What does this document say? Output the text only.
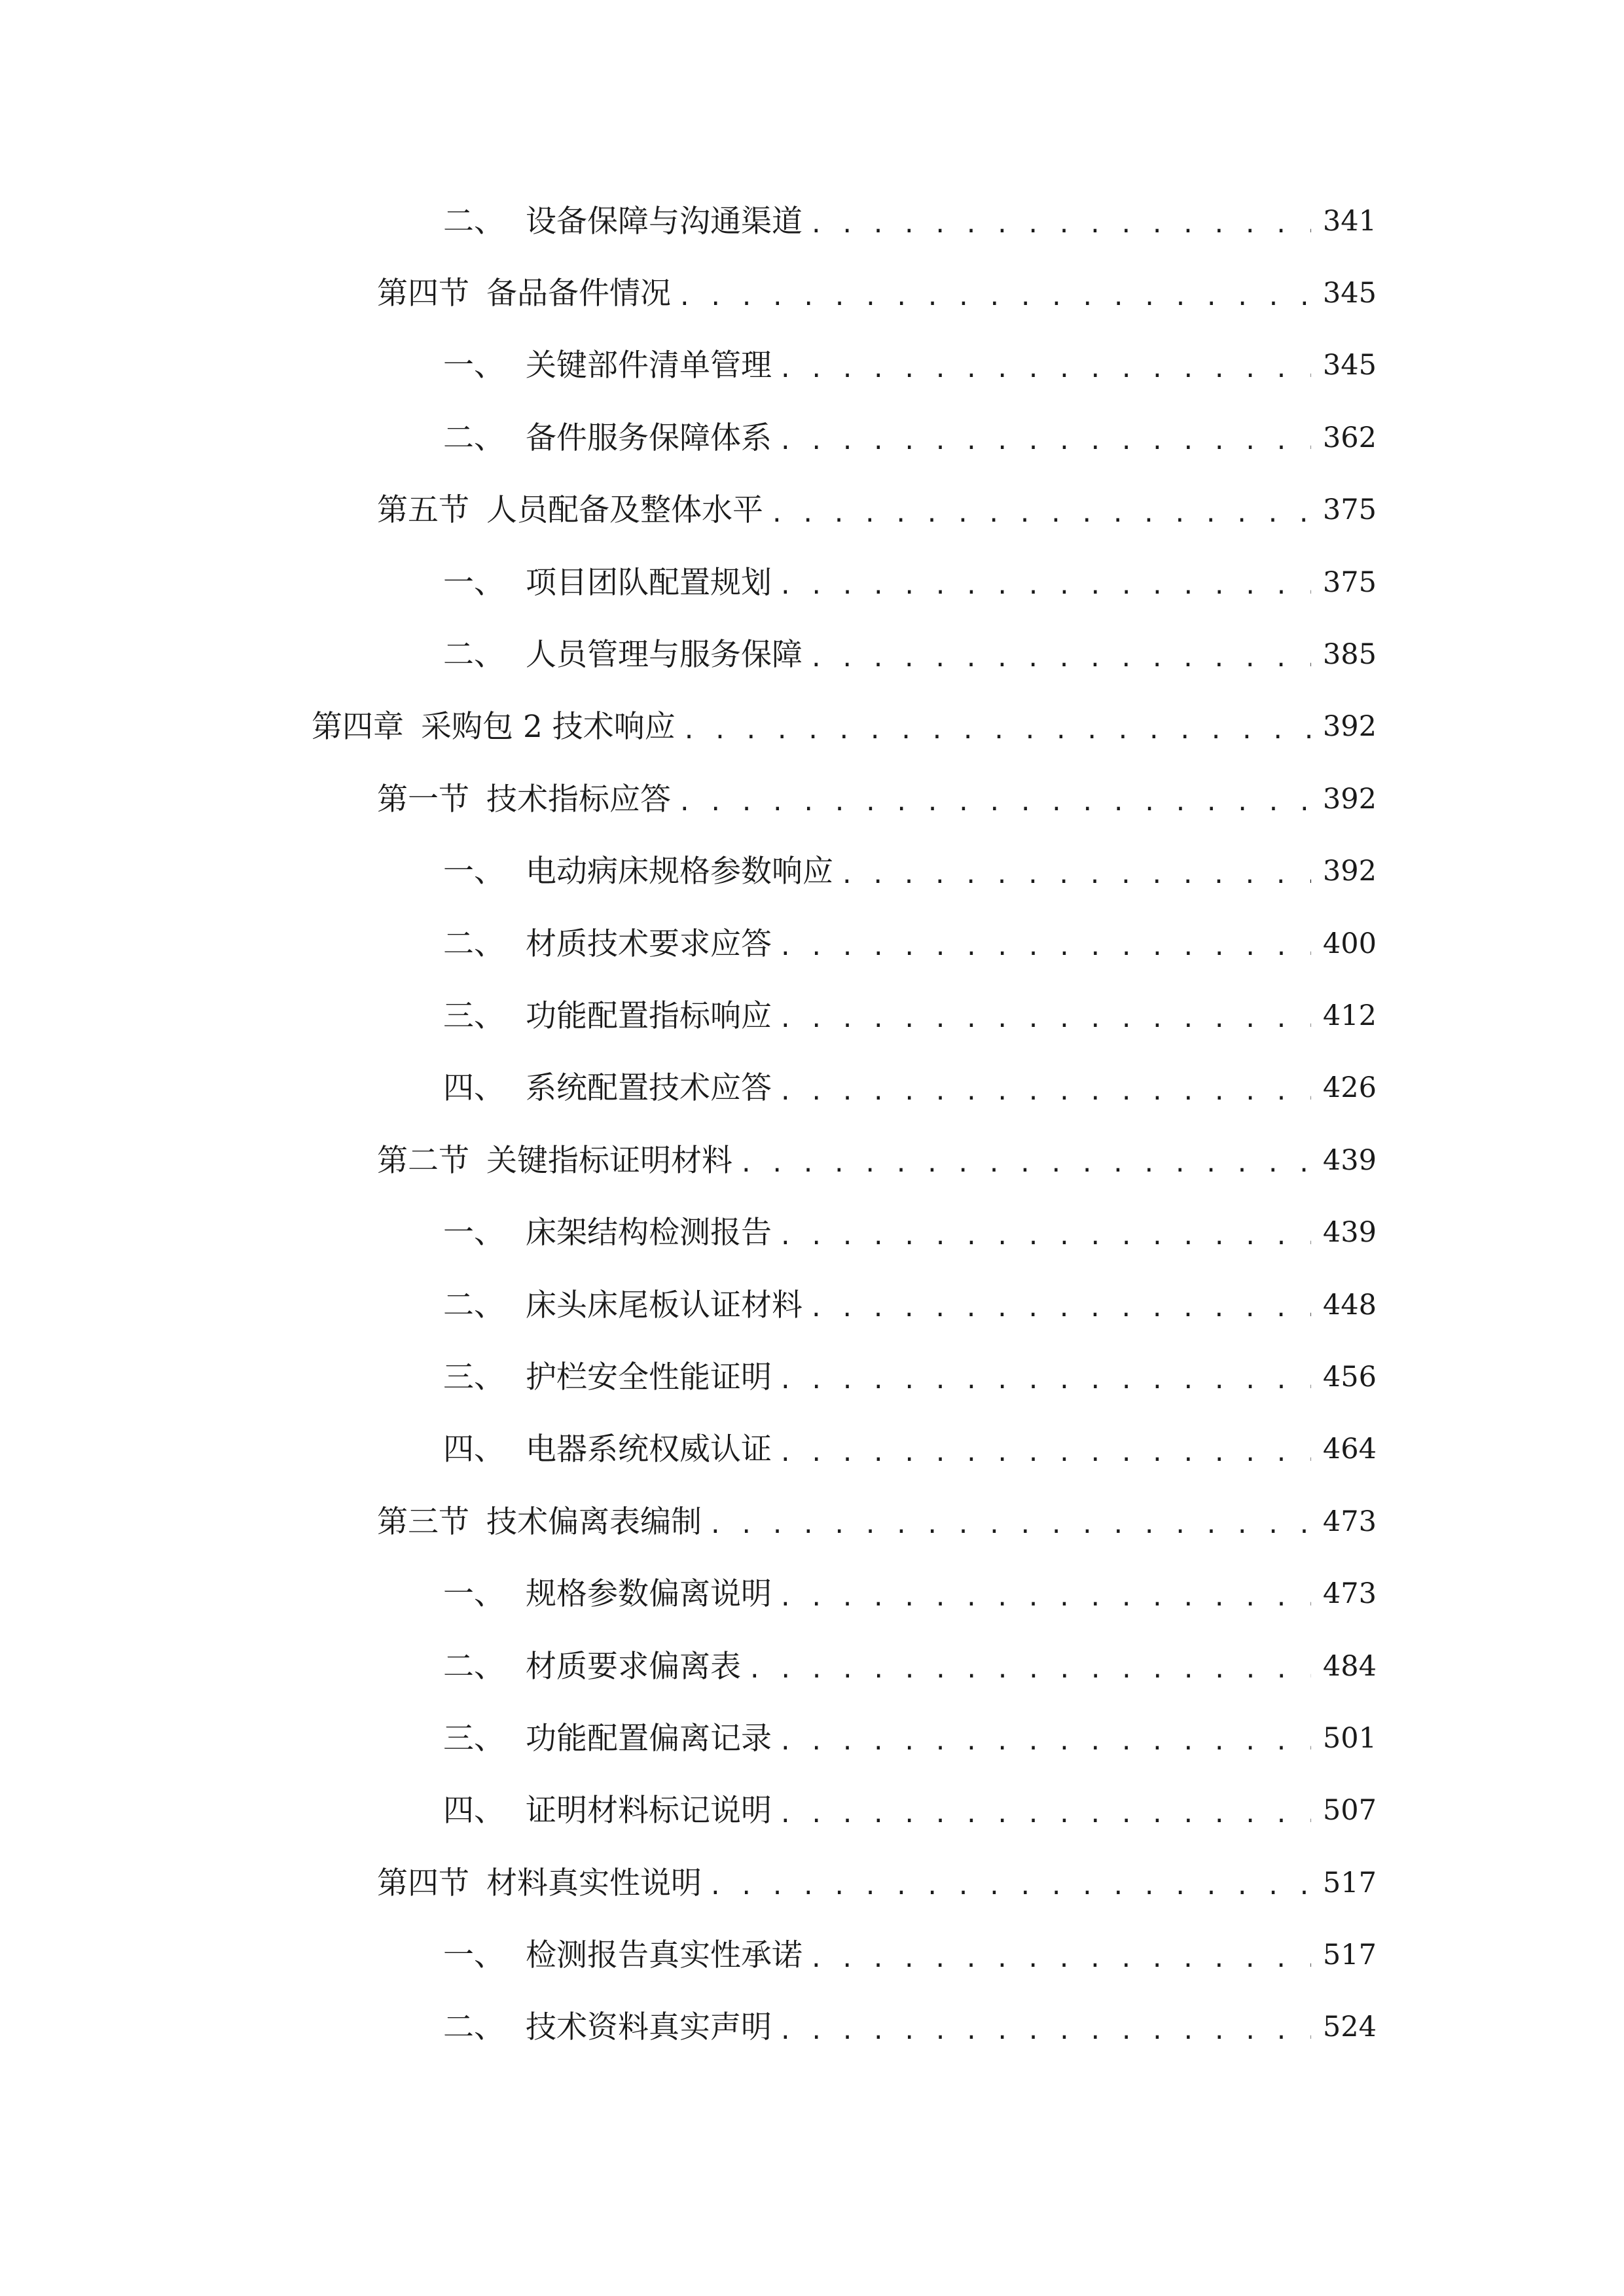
二、 设备保障与沟通渠道 . . .	341
第四节 备品备件情况 . . .	345
一、 关键部件清单管理 . . .	345
二、 备件服务保障体系 . . .	362
第五节 人员配备及整体水平 . . .	375
一、 项目团队配置规划 . . .	375
二、 人员管理与服务保障 . . .	385
第四章 采购包 2 技术响应 . . .	392
第一节 技术指标应答 . . .	392
一、 电动病床规格参数响应 . . .	392
二、 材质技术要求应答 . . .	400
三、 功能配置指标响应 . . .	412
四、 系统配置技术应答 . . .	426
第二节 关键指标证明材料 . . .	439
一、 床架结构检测报告 . . .	439
二、 床头床尾板认证材料 . . .	448
三、 护栏安全性能证明 . . .	456
四、 电器系统权威认证 . . .	464
第三节 技术偏离表编制 . . .	473
一、 规格参数偏离说明 . . .	473
二、 材质要求偏离表 . . .	484
三、 功能配置偏离记录 . . .	501
四、 证明材料标记说明 . . .	507
第四节 材料真实性说明 . . .	517
一、 检测报告真实性承诺 . . .	517
二、 技术资料真实声明 . . .	524
